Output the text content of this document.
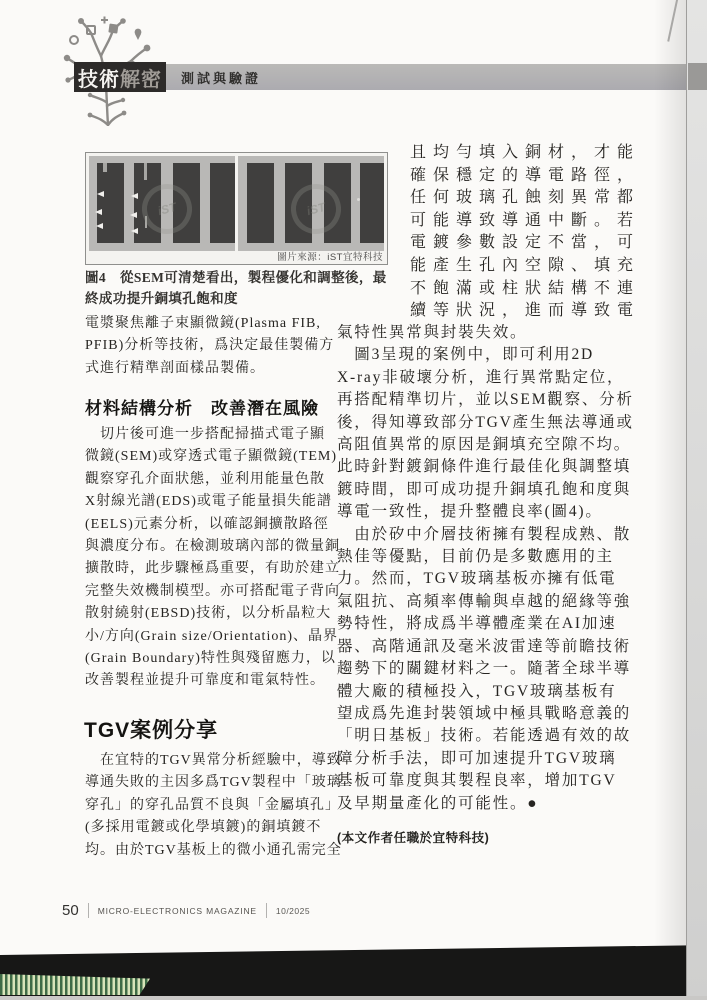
技術 解密	測試與驗證
iST	iST
圖片來源：iST宜特科技
圖4　從SEM可清楚看出，製程優化和調整後，最終成功提升銅填孔飽和度
電漿聚焦離子束顯微鏡(Plasma FIB,
PFIB)分析等技術，爲決定最佳製備方
式進行精準剖面樣品製備。
材料結構分析　改善潛在風險
　切片後可進一步搭配掃描式電子顯
微鏡(SEM)或穿透式電子顯微鏡(TEM)
觀察穿孔介面狀態，並利用能量色散
X射線光譜(EDS)或電子能量損失能譜
(EELS)元素分析，以確認銅擴散路徑
與濃度分布。在檢測玻璃內部的微量銅
擴散時，此步驟極爲重要，有助於建立
完整失效機制模型。亦可搭配電子背向
散射繞射(EBSD)技術，以分析晶粒大
小/方向(Grain size/Orientation)、晶界
(Grain Boundary)特性與殘留應力，以
改善製程並提升可靠度和電氣特性。
TGV案例分享
　在宜特的TGV異常分析經驗中，導致
導通失敗的主因多爲TGV製程中「玻璃
穿孔」的穿孔品質不良與「金屬填孔」
(多採用電鍍或化學填鍍)的銅填鍍不
均。由於TGV基板上的微小通孔需完全
且均勻填入銅材，才能
確保穩定的導電路徑，
任何玻璃孔蝕刻異常都
可能導致導通中斷。若
電鍍參數設定不當，可
能產生孔內空隙、填充
不飽滿或柱狀結構不連
續等狀況，進而導致電
氣特性異常與封裝失效。
　圖3呈現的案例中，即可利用2D
X-ray非破壞分析，進行異常點定位，
再搭配精準切片，並以SEM觀察、分析
後，得知導致部分TGV產生無法導通或
高阻值異常的原因是銅填充空隙不均。
此時針對鍍銅條件進行最佳化與調整填
鍍時間，即可成功提升銅填孔飽和度與
導電一致性，提升整體良率(圖4)。
　由於矽中介層技術擁有製程成熟、散
熱佳等優點，目前仍是多數應用的主
力。然而，TGV玻璃基板亦擁有低電
氣阻抗、高頻率傳輸與卓越的絕緣等強
勢特性，將成爲半導體產業在AI加速
器、高階通訊及毫米波雷達等前瞻技術
趨勢下的關鍵材料之一。隨著全球半導
體大廠的積極投入，TGV玻璃基板有
望成爲先進封裝領域中極具戰略意義的
「明日基板」技術。若能透過有效的故
障分析手法，即可加速提升TGV玻璃
基板可靠度與其製程良率，增加TGV
及早期量產化的可能性。●
(本文作者任職於宜特科技)
50 MICRO-ELECTRONICS MAGAZINE 10/2025
